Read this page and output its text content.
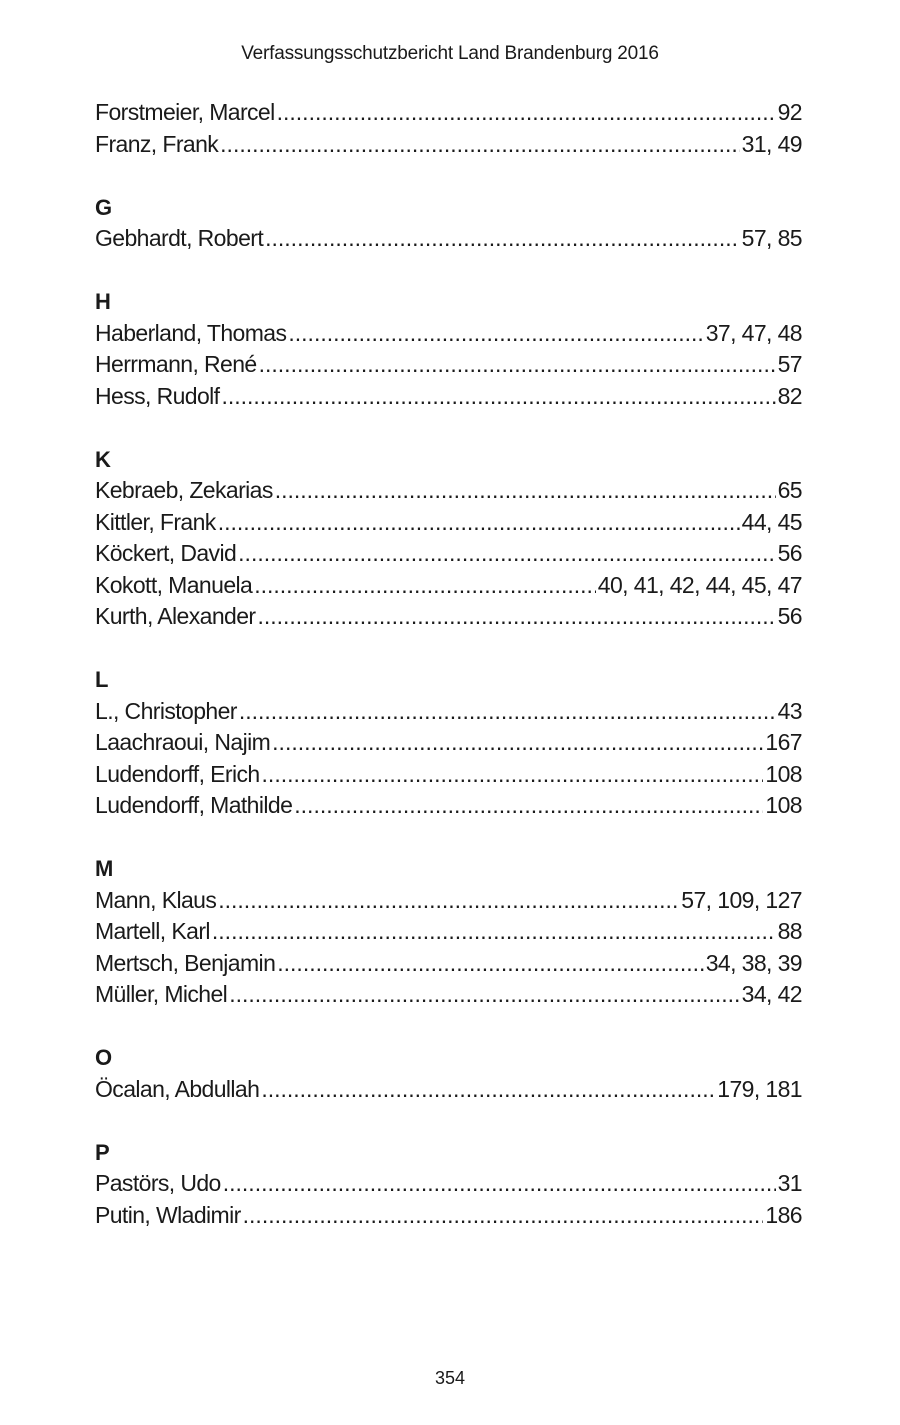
Verfassungsschutzbericht Land Brandenburg 2016
Forstmeier, Marcel .....	92
Franz, Frank .....	31, 49
G
Gebhardt, Robert .....	57, 85
H
Haberland, Thomas .....	37, 47, 48
Herrmann, René .....	57
Hess, Rudolf .....	82
K
Kebraeb, Zekarias .....	65
Kittler, Frank .....	44, 45
Köckert, David .....	56
Kokott, Manuela .....	40, 41, 42, 44, 45, 47
Kurth, Alexander .....	56
L
L., Christopher .....	43
Laachraoui, Najim .....	167
Ludendorff, Erich .....	108
Ludendorff, Mathilde .....	108
M
Mann, Klaus .....	57, 109, 127
Martell, Karl .....	88
Mertsch, Benjamin .....	34, 38, 39
Müller, Michel .....	34, 42
O
Öcalan, Abdullah .....	179, 181
P
Pastörs, Udo .....	31
Putin, Wladimir .....	186
354
